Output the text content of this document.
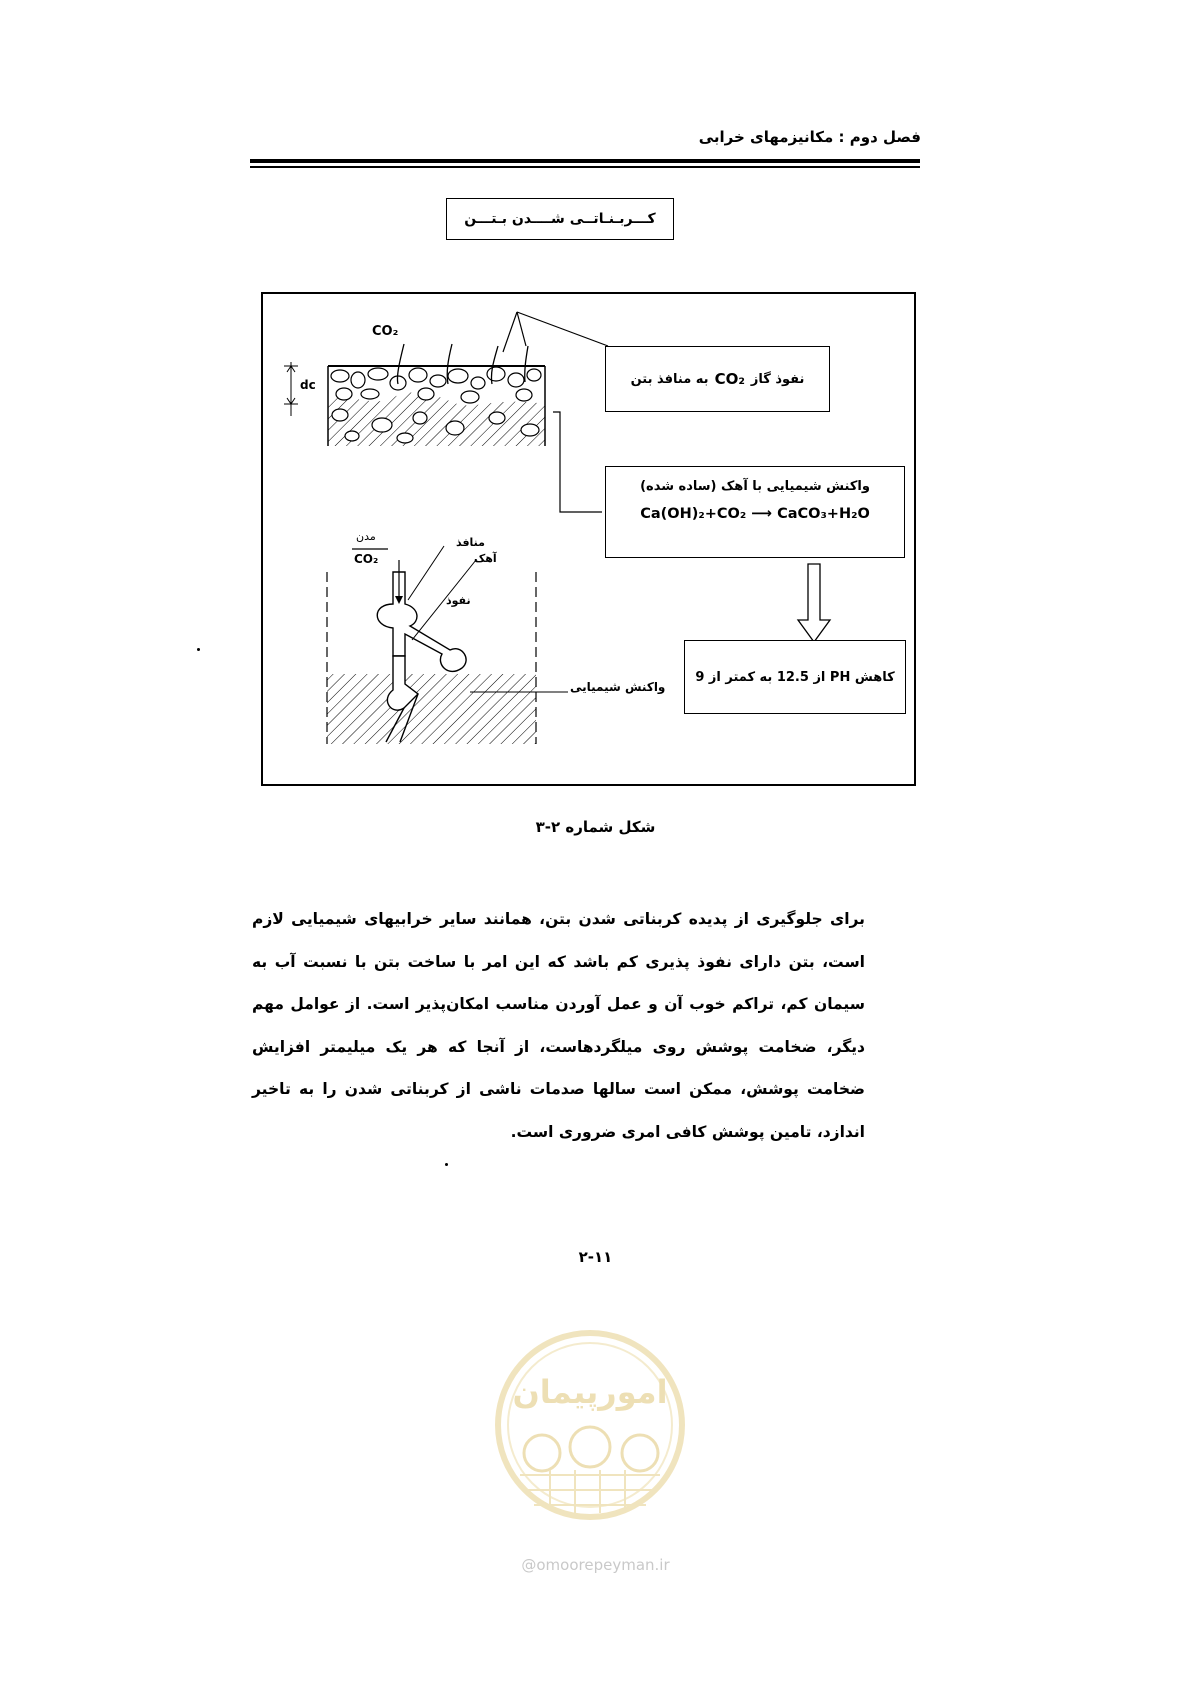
فصل دوم : مکانیزمهای خرابی
کـــربـنـاتــی شــــدن بـتـــن
CO₂
dc
مدن
CO₂
منافذ
آهک
نفوذ
واکنش شیمیایی
نفوذ گاز
CO₂
به منافذ بتن
واکنش شیمیایی با آهک (ساده شده)
Ca(OH)₂+CO₂ ⟶ CaCO₃+H₂O
کاهش PH از 12.5 به کمتر از 9
شکل شماره ۲-۳
برای جلوگیری از پدیده کربناتی شدن بتن، همانند سایر خرابیهای شیمیایی لازم است، بتن دارای نفوذ پذیری کم باشد که این امر با ساخت بتن با نسبت آب به سیمان کم، تراکم خوب آن و عمل آوردن مناسب امکان‌پذیر است. از عوامل مهم دیگر، ضخامت پوشش روی میلگردهاست، از آنجا که هر یک میلیمتر افزایش ضخامت پوشش، ممکن است سالها صدمات ناشی از کربناتی شدن را به تاخیر اندازد، تامین پوشش کافی امری ضروری است.
۲-۱۱
امورپیمان
@omoorepeyman.ir
